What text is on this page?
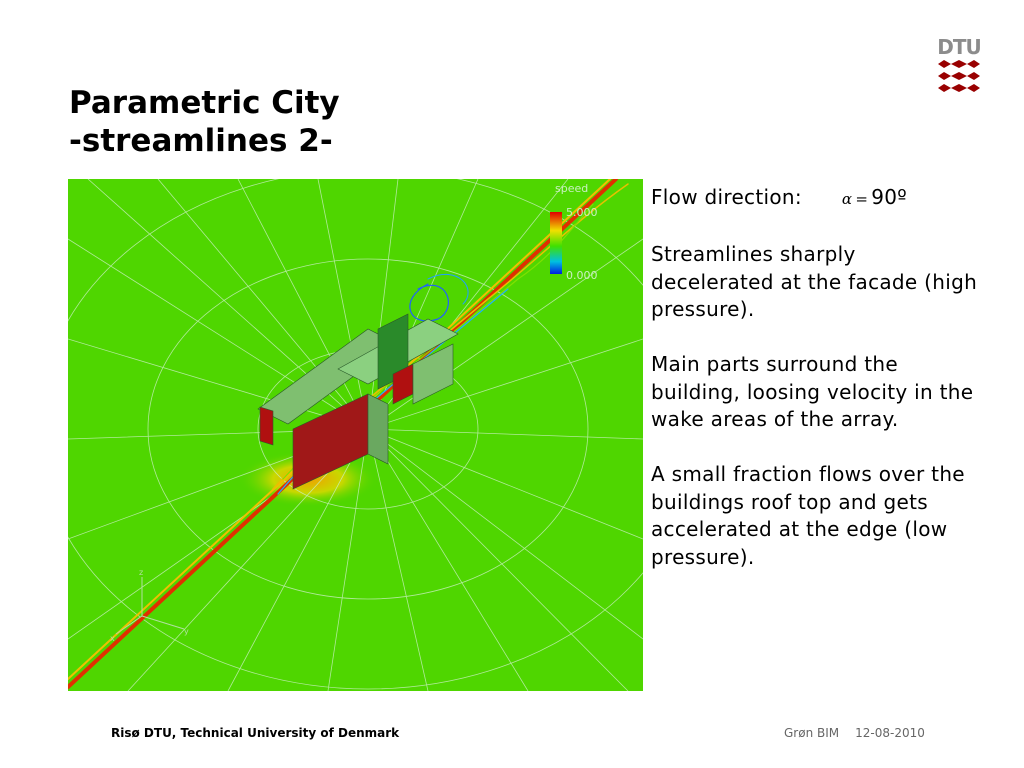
Parametric City
-streamlines 2-
DTU
speed
5.000
0.000
z
x
y

Flow direction:	α = 90º

Streamlines sharply decelerated at the facade (high pressure).

Main parts surround the building, loosing velocity in the wake areas of the array.

A small fraction flows over the buildings roof top and gets accelerated at the edge (low pressure).

Risø DTU, Technical University of Denmark	Grøn BIM 12-08-2010
